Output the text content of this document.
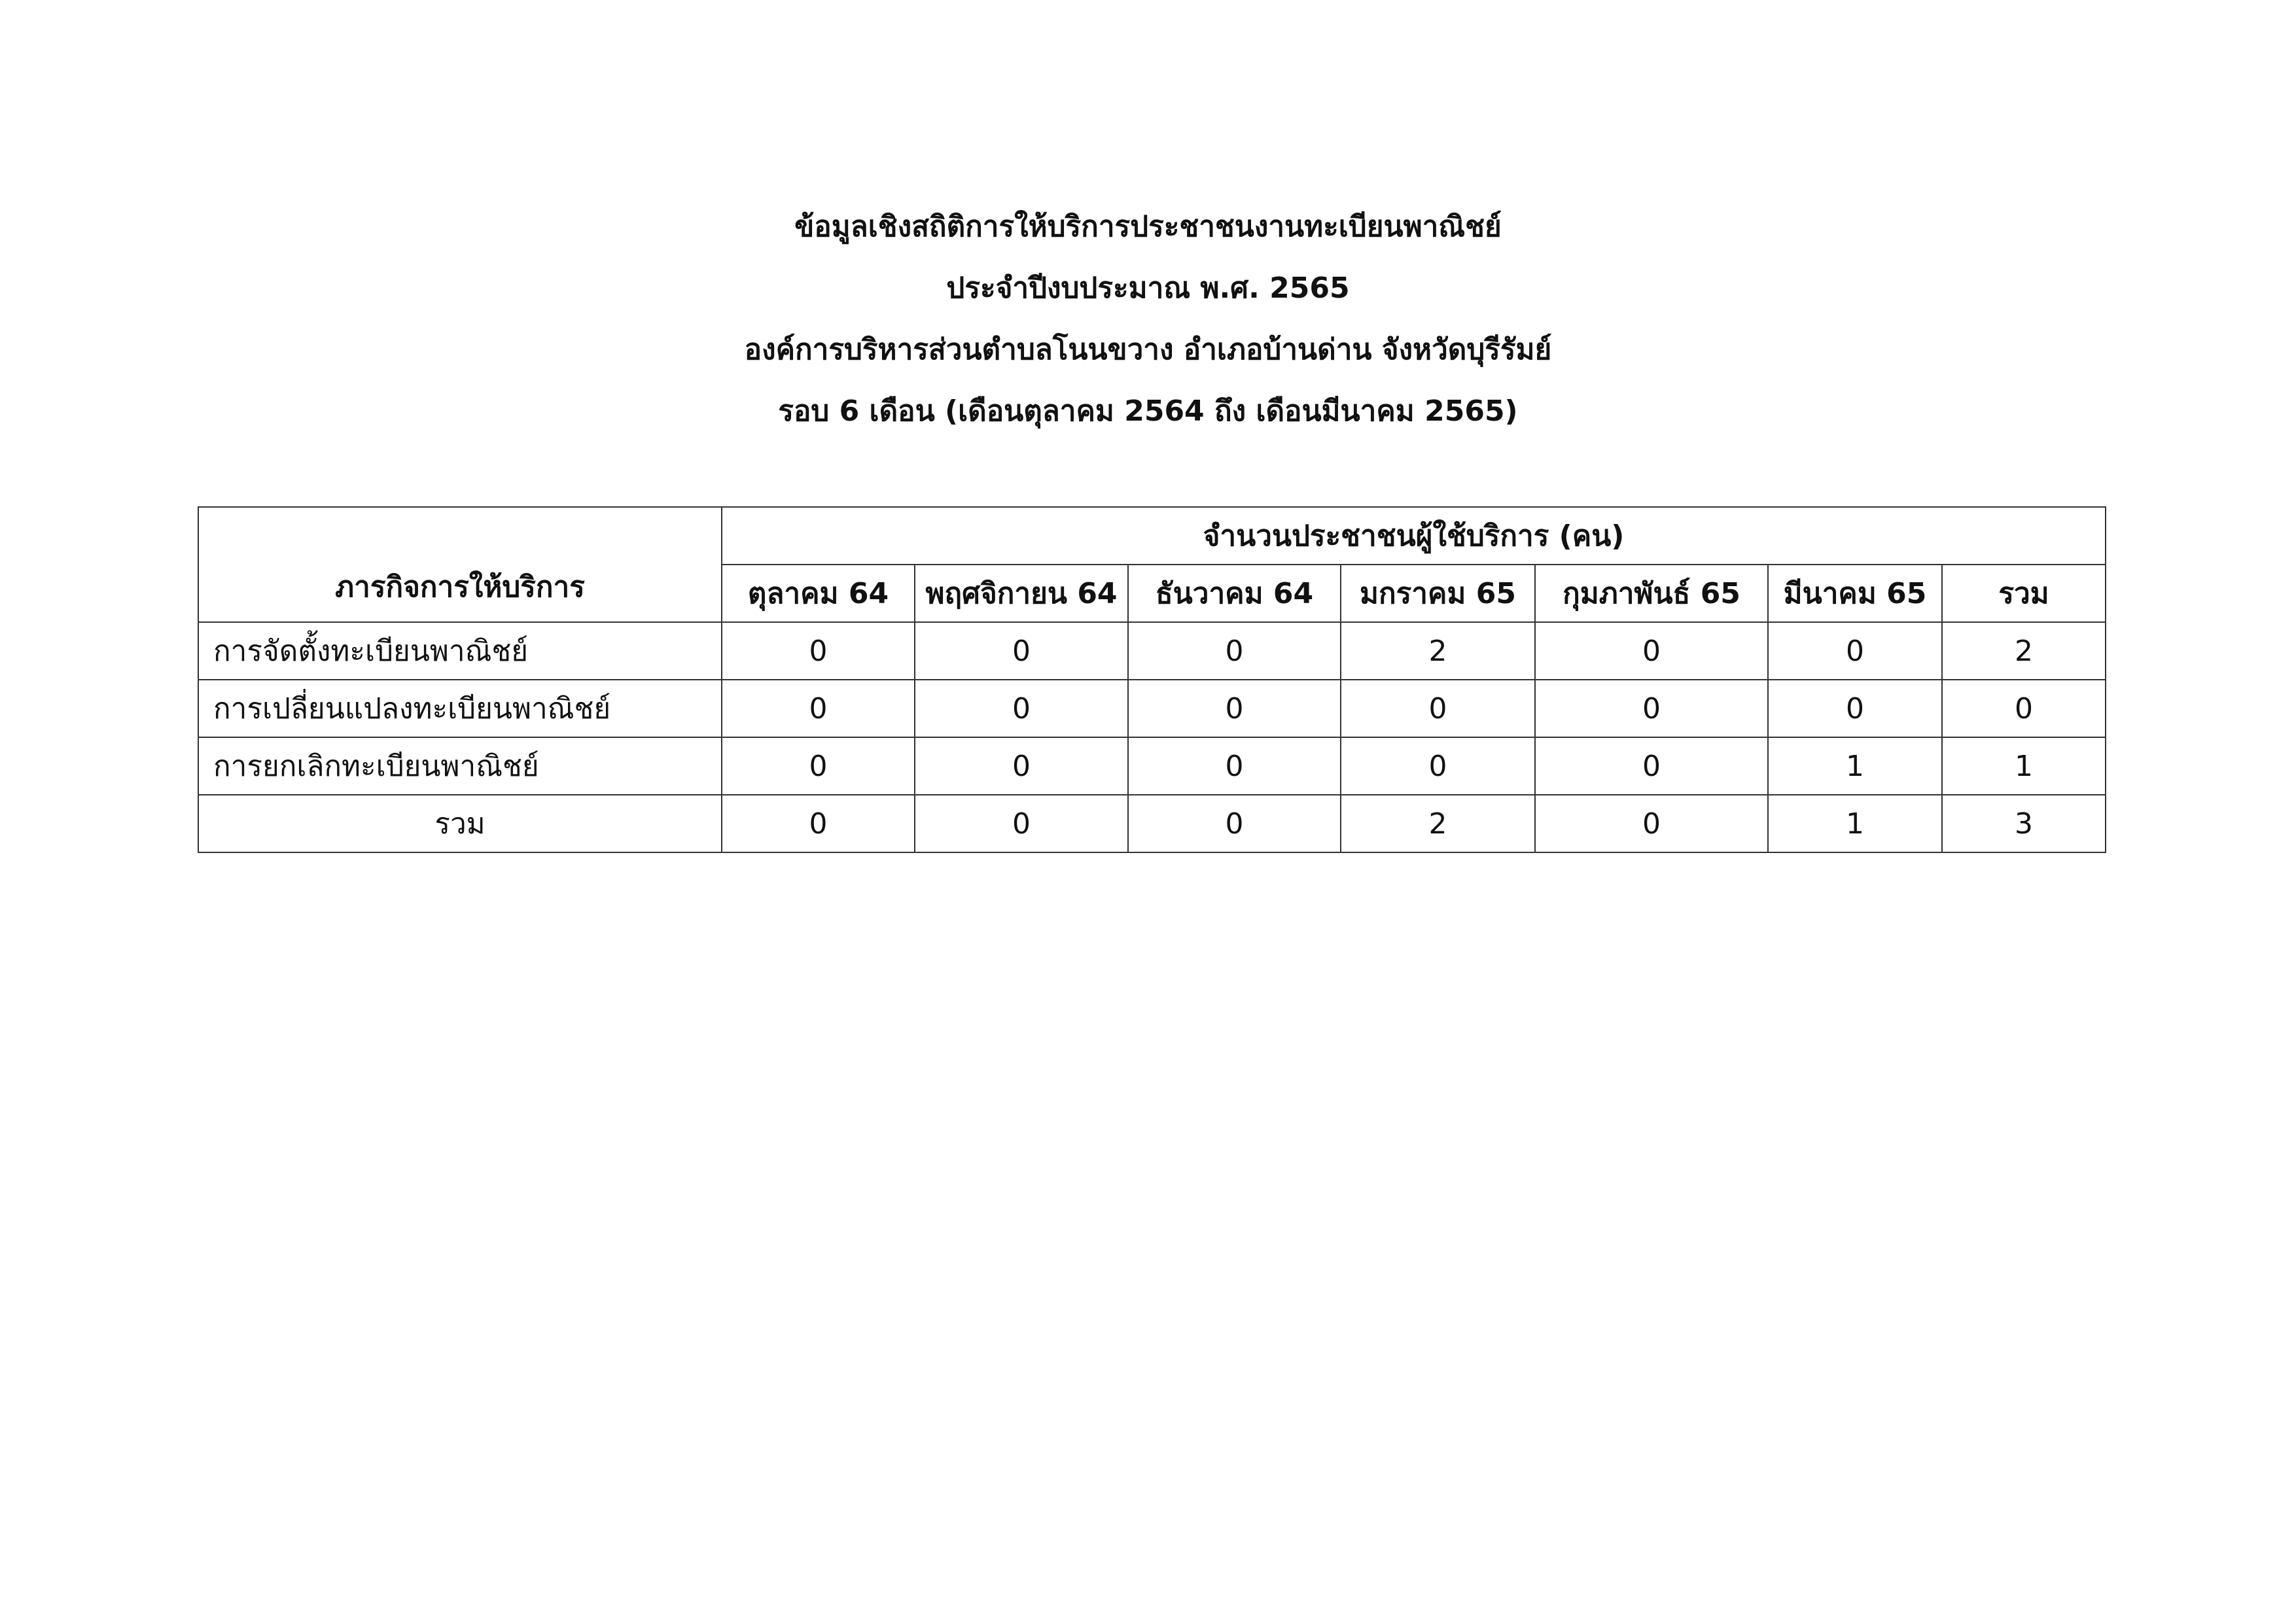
ข้อมูลเชิงสถิติการให้บริการประชาชนงานทะเบียนพาณิชย์
ประจำปีงบประมาณ พ.ศ. 2565
องค์การบริหารส่วนตำบลโนนขวาง อำเภอบ้านด่าน จังหวัดบุรีรัมย์
รอบ 6 เดือน (เดือนตุลาคม 2564 ถึง เดือนมีนาคม 2565)
ภารกิจการให้บริการ	จำนวนประชาชนผู้ใช้บริการ (คน)						
	ตุลาคม 64	พฤศจิกายน 64	ธันวาคม 64	มกราคม 65	กุมภาพันธ์ 65	มีนาคม 65	รวม
การจัดตั้งทะเบียนพาณิชย์	0	0	0	2	0	0	2
การเปลี่ยนแปลงทะเบียนพาณิชย์	0	0	0	0	0	0	0
การยกเลิกทะเบียนพาณิชย์	0	0	0	0	0	1	1
รวม	0	0	0	2	0	1	3
